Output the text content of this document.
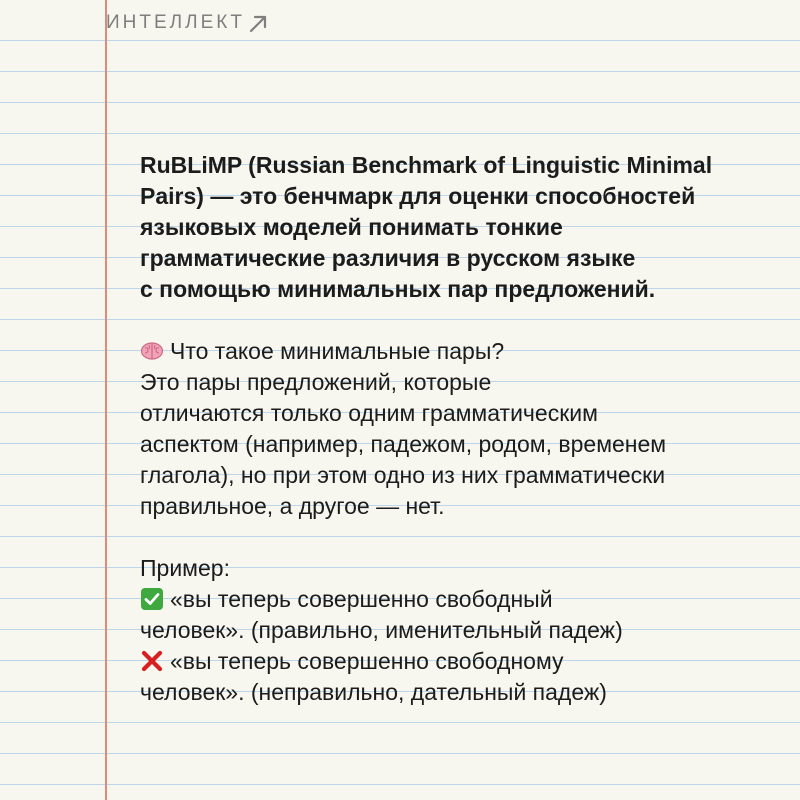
ИНТЕЛЛЕКТ
RuBLiMP (Russian Benchmark of Linguistic Minimal
Pairs) — это бенчмарк для оценки способностей
языковых моделей понимать тонкие
грамматические различия в русском языке
с помощью минимальных пар предложений.
Что такое минимальные пары?
Это пары предложений, которые
отличаются только одним грамматическим
аспектом (например, падежом, родом, временем
глагола), но при этом одно из них грамматически
правильное, а другое — нет.
Пример:
«вы теперь совершенно свободный
человек». (правильно, именительный падеж)
«вы теперь совершенно свободному
человек». (неправильно, дательный падеж)
